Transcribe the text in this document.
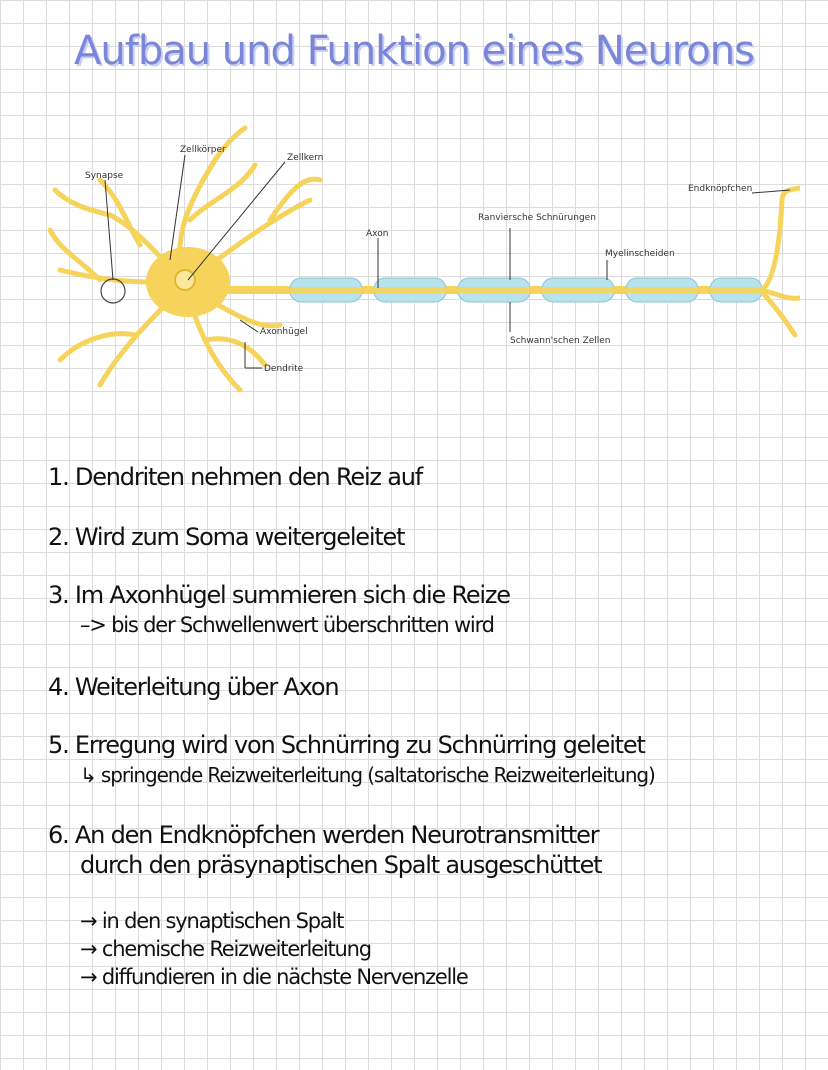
Aufbau und Funktion eines Neurons
Synapse
Zellkörper
Zellkern
Axon
Ranviersche Schnürungen
Myelinscheiden
Endknöpfchen
Axonhügel
Dendrite
Schwann'schen Zellen
1. Dendriten nehmen den Reiz auf
2. Wird zum Soma weitergeleitet
3. Im Axonhügel summieren sich die Reize
–> bis der Schwellenwert überschritten wird
4. Weiterleitung über Axon
5. Erregung wird von Schnürring zu Schnürring geleitet
↳ springende Reizweiterleitung (saltatorische Reizweiterleitung)
6. An den Endknöpfchen werden Neurotransmitter
durch den präsynaptischen Spalt ausgeschüttet
→ in den synaptischen Spalt
→ chemische Reizweiterleitung
→ diffundieren in die nächste Nervenzelle
